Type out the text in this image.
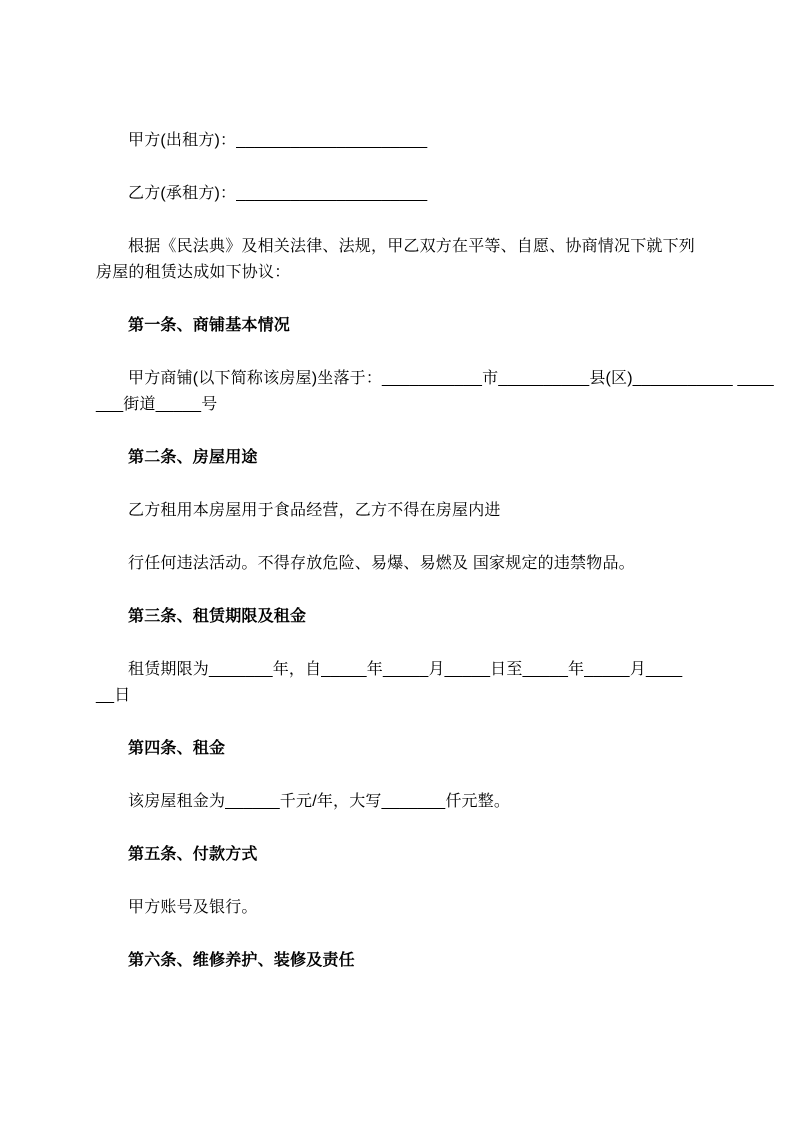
甲方(出租方)：_____________________

乙方(承租方)：_____________________

根据《民法典》及相关法律、法规，甲乙双方在平等、自愿、协商情况下就下列
房屋的租赁达成如下协议：

第一条、商铺基本情况

甲方商铺(以下简称该房屋)坐落于：___________市__________县(区)___________ ____
___街道_____号

第二条、房屋用途

乙方租用本房屋用于食品经营，乙方不得在房屋内进

行任何违法活动。不得存放危险、易爆、易燃及 国家规定的违禁物品。

第三条、租赁期限及租金

租赁期限为_______年，自_____年_____月_____日至_____年_____月____
__日

第四条、租金

该房屋租金为______千元/年，大写_______仟元整。

第五条、付款方式

甲方账号及银行。

第六条、维修养护、装修及责任
